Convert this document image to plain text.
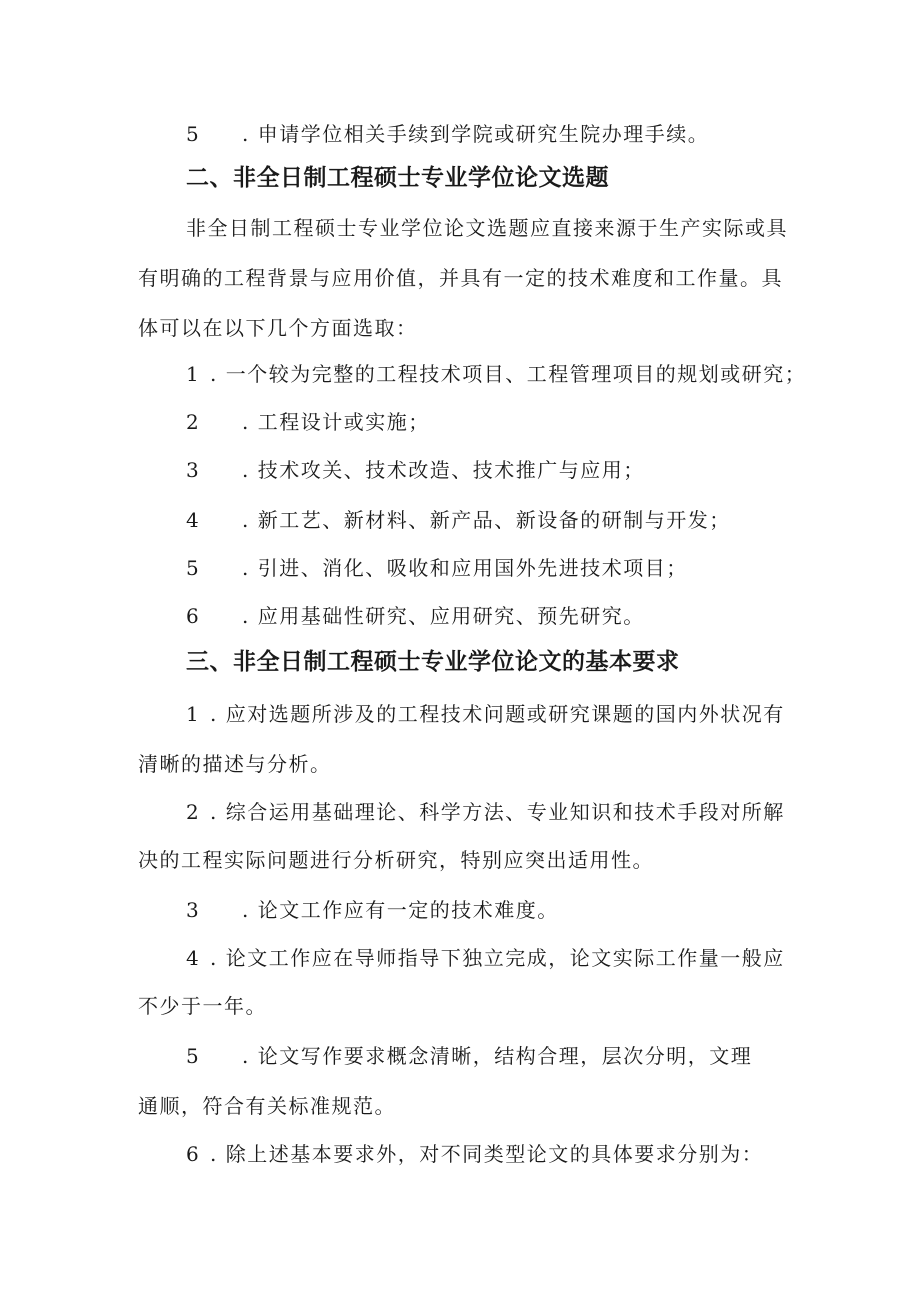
5 . 申请学位相关手续到学院或研究生院办理手续。
二、非全日制工程硕士专业学位论文选题
非全日制工程硕士专业学位论文选题应直接来源于生产实际或具
有明确的工程背景与应用价值，并具有一定的技术难度和工作量。具
体可以在以下几个方面选取：
1 . 一个较为完整的工程技术项目、工程管理项目的规划或研究；
2 . 工程设计或实施；
3 . 技术攻关、技术改造、技术推广与应用；
4 . 新工艺、新材料、新产品、新设备的研制与开发；
5 . 引进、消化、吸收和应用国外先进技术项目；
6 . 应用基础性研究、应用研究、预先研究。
三、非全日制工程硕士专业学位论文的基本要求
1 . 应对选题所涉及的工程技术问题或研究课题的国内外状况有
清晰的描述与分析。
2 . 综合运用基础理论、科学方法、专业知识和技术手段对所解
决的工程实际问题进行分析研究，特别应突出适用性。
3 . 论文工作应有一定的技术难度。
4 . 论文工作应在导师指导下独立完成，论文实际工作量一般应
不少于一年。
5 . 论文写作要求概念清晰，结构合理，层次分明，文理
通顺，符合有关标准规范。
6 . 除上述基本要求外，对不同类型论文的具体要求分别为：
